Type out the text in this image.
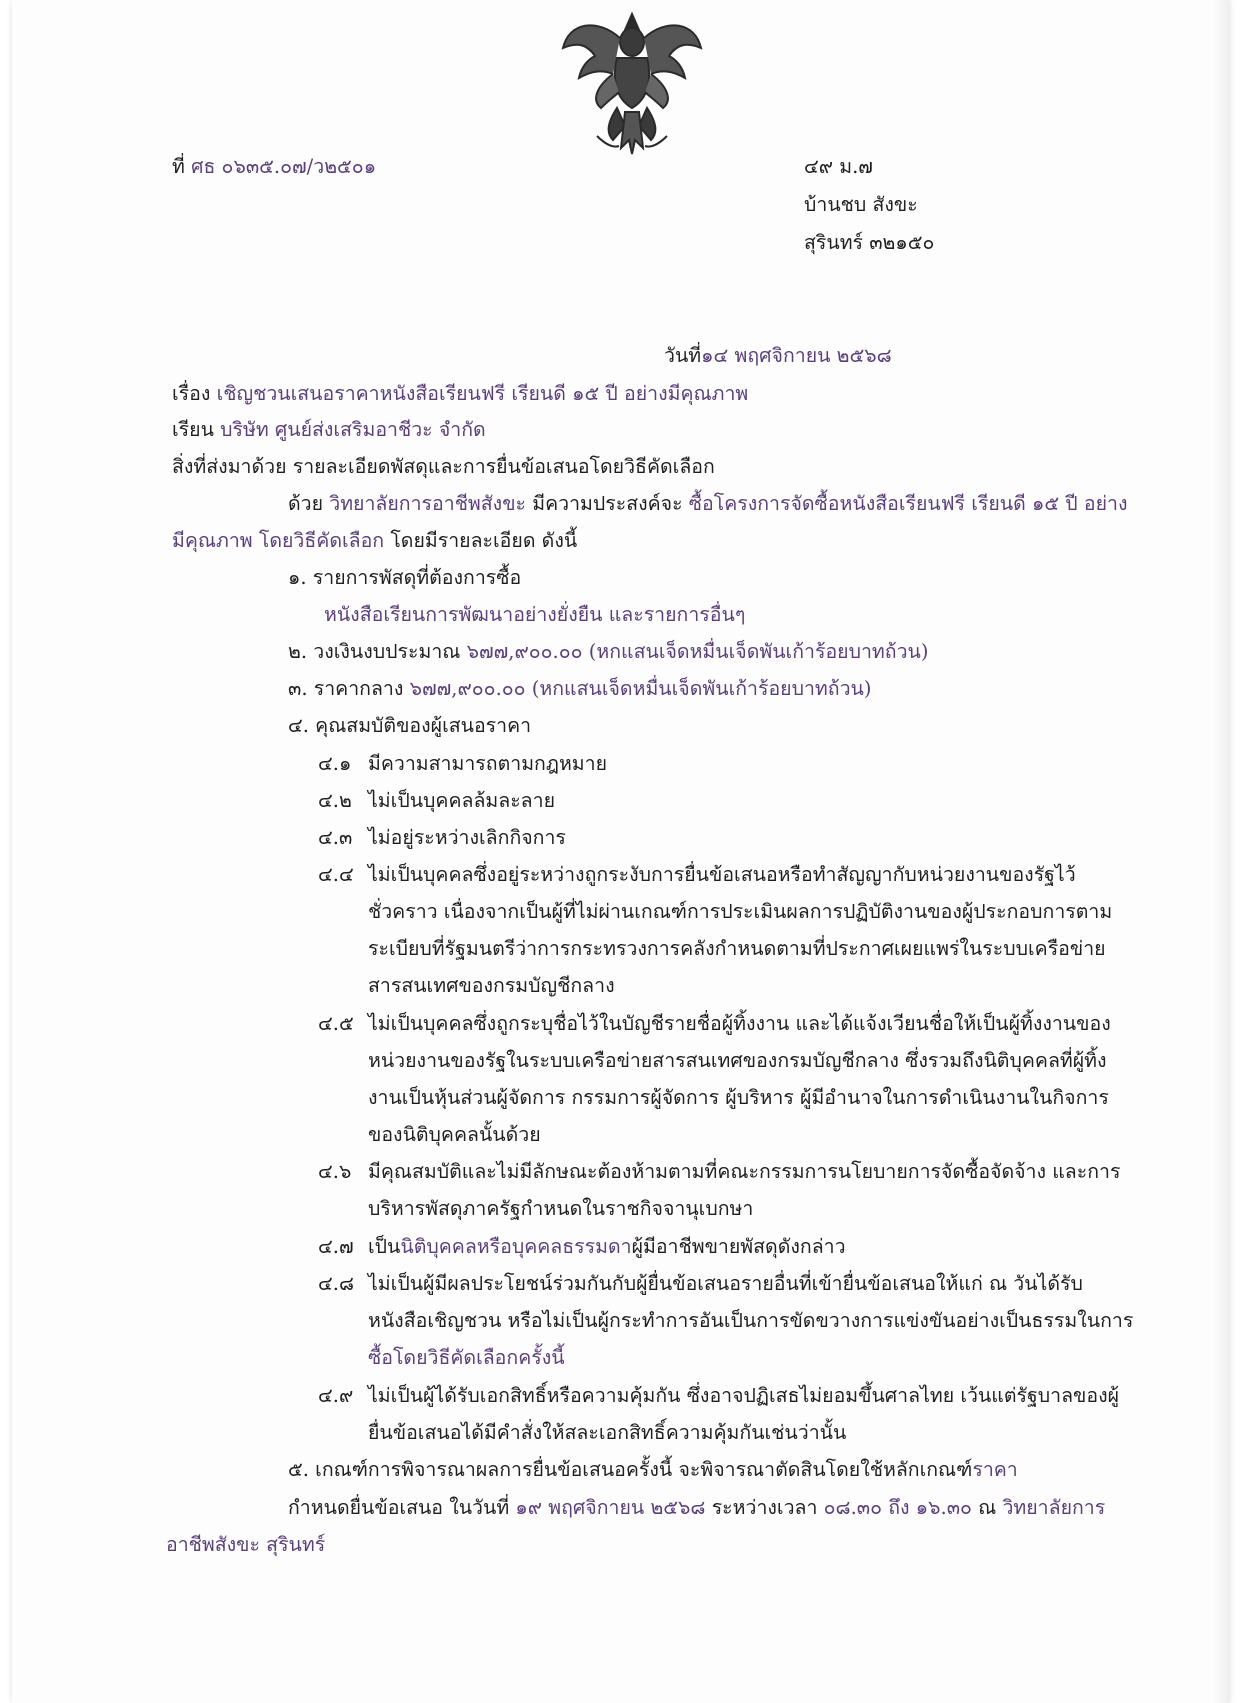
ที่ ศธ ๐๖๓๕.๐๗/ว๒๕๐๑	๔๙ ม.๗
บ้านชบ สังขะ
สุรินทร์ ๓๒๑๕๐
วันที่๑๔ พฤศจิกายน ๒๕๖๘
เรื่อง เชิญชวนเสนอราคาหนังสือเรียนฟรี เรียนดี ๑๕ ปี อย่างมีคุณภาพ
เรียน บริษัท ศูนย์ส่งเสริมอาชีวะ จำกัด
สิ่งที่ส่งมาด้วย รายละเอียดพัสดุและการยื่นข้อเสนอโดยวิธีคัดเลือก
ด้วย วิทยาลัยการอาชีพสังขะ มีความประสงค์จะ ซื้อโครงการจัดซื้อหนังสือเรียนฟรี เรียนดี ๑๕ ปี อย่าง
มีคุณภาพ โดยวิธีคัดเลือก โดยมีรายละเอียด ดังนี้
๑. รายการพัสดุที่ต้องการซื้อ
หนังสือเรียนการพัฒนาอย่างยั่งยืน และรายการอื่นๆ
๒. วงเงินงบประมาณ ๖๗๗,๙๐๐.๐๐ (หกแสนเจ็ดหมื่นเจ็ดพันเก้าร้อยบาทถ้วน)
๓. ราคากลาง ๖๗๗,๙๐๐.๐๐ (หกแสนเจ็ดหมื่นเจ็ดพันเก้าร้อยบาทถ้วน)
๔. คุณสมบัติของผู้เสนอราคา
๔.๑ มีความสามารถตามกฎหมาย
๔.๒ ไม่เป็นบุคคลล้มละลาย
๔.๓ ไม่อยู่ระหว่างเลิกกิจการ
๔.๔ ไม่เป็นบุคคลซึ่งอยู่ระหว่างถูกระงับการยื่นข้อเสนอหรือทำสัญญากับหน่วยงานของรัฐไว้
ชั่วคราว เนื่องจากเป็นผู้ที่ไม่ผ่านเกณฑ์การประเมินผลการปฏิบัติงานของผู้ประกอบการตาม
ระเบียบที่รัฐมนตรีว่าการกระทรวงการคลังกำหนดตามที่ประกาศเผยแพร่ในระบบเครือข่าย
สารสนเทศของกรมบัญชีกลาง
๔.๕ ไม่เป็นบุคคลซึ่งถูกระบุชื่อไว้ในบัญชีรายชื่อผู้ทิ้งงาน และได้แจ้งเวียนชื่อให้เป็นผู้ทิ้งงานของ
หน่วยงานของรัฐในระบบเครือข่ายสารสนเทศของกรมบัญชีกลาง ซึ่งรวมถึงนิติบุคคลที่ผู้ทิ้ง
งานเป็นหุ้นส่วนผู้จัดการ กรรมการผู้จัดการ ผู้บริหาร ผู้มีอำนาจในการดำเนินงานในกิจการ
ของนิติบุคคลนั้นด้วย
๔.๖ มีคุณสมบัติและไม่มีลักษณะต้องห้ามตามที่คณะกรรมการนโยบายการจัดซื้อจัดจ้าง และการ
บริหารพัสดุภาครัฐกำหนดในราชกิจจานุเบกษา
๔.๗ เป็นนิติบุคคลหรือบุคคลธรรมดาผู้มีอาชีพขายพัสดุดังกล่าว
๔.๘ ไม่เป็นผู้มีผลประโยชน์ร่วมกันกับผู้ยื่นข้อเสนอรายอื่นที่เข้ายื่นข้อเสนอให้แก่ ณ วันได้รับ
หนังสือเชิญชวน หรือไม่เป็นผู้กระทำการอันเป็นการขัดขวางการแข่งขันอย่างเป็นธรรมในการ
ซื้อโดยวิธีคัดเลือกครั้งนี้
๔.๙ ไม่เป็นผู้ได้รับเอกสิทธิ์หรือความคุ้มกัน ซึ่งอาจปฏิเสธไม่ยอมขึ้นศาลไทย เว้นแต่รัฐบาลของผู้
ยื่นข้อเสนอได้มีคำสั่งให้สละเอกสิทธิ์ความคุ้มกันเช่นว่านั้น
๕. เกณฑ์การพิจารณาผลการยื่นข้อเสนอครั้งนี้ จะพิจารณาตัดสินโดยใช้หลักเกณฑ์ราคา
กำหนดยื่นข้อเสนอ ในวันที่ ๑๙ พฤศจิกายน ๒๕๖๘ ระหว่างเวลา ๐๘.๓๐ ถึง ๑๖.๓๐ ณ วิทยาลัยการ
อาชีพสังขะ สุรินทร์
